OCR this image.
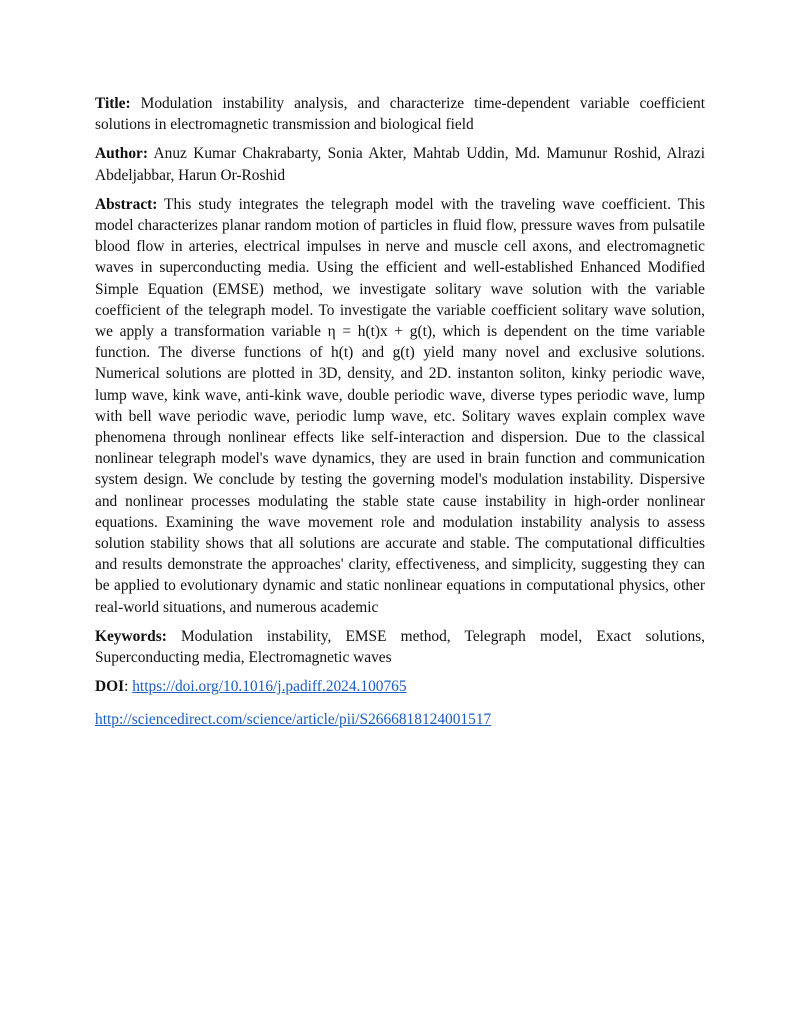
Title: Modulation instability analysis, and characterize time-dependent variable coefficient solutions in electromagnetic transmission and biological field

Author: Anuz Kumar Chakrabarty, Sonia Akter, Mahtab Uddin, Md. Mamunur Roshid, Alrazi Abdeljabbar, Harun Or-Roshid

Abstract: This study integrates the telegraph model with the traveling wave coefficient. This model characterizes planar random motion of particles in fluid flow, pressure waves from pulsatile blood flow in arteries, electrical impulses in nerve and muscle cell axons, and electromagnetic waves in superconducting media. Using the efficient and well-established Enhanced Modified Simple Equation (EMSE) method, we investigate solitary wave solution with the variable coefficient of the telegraph model. To investigate the variable coefficient solitary wave solution, we apply a transformation variable η = h(t)x + g(t), which is dependent on the time variable function. The diverse functions of h(t) and g(t) yield many novel and exclusive solutions. Numerical solutions are plotted in 3D, density, and 2D. instanton soliton, kinky periodic wave, lump wave, kink wave, anti-kink wave, double periodic wave, diverse types periodic wave, lump with bell wave periodic wave, periodic lump wave, etc. Solitary waves explain complex wave phenomena through nonlinear effects like self-interaction and dispersion. Due to the classical nonlinear telegraph model's wave dynamics, they are used in brain function and communication system design. We conclude by testing the governing model's modulation instability. Dispersive and nonlinear processes modulating the stable state cause instability in high-order nonlinear equations. Examining the wave movement role and modulation instability analysis to assess solution stability shows that all solutions are accurate and stable. The computational difficulties and results demonstrate the approaches' clarity, effectiveness, and simplicity, suggesting they can be applied to evolutionary dynamic and static nonlinear equations in computational physics, other real-world situations, and numerous academic

Keywords: Modulation instability, EMSE method, Telegraph model, Exact solutions, Superconducting media, Electromagnetic waves

DOI: https://doi.org/10.1016/j.padiff.2024.100765

http://sciencedirect.com/science/article/pii/S2666818124001517
